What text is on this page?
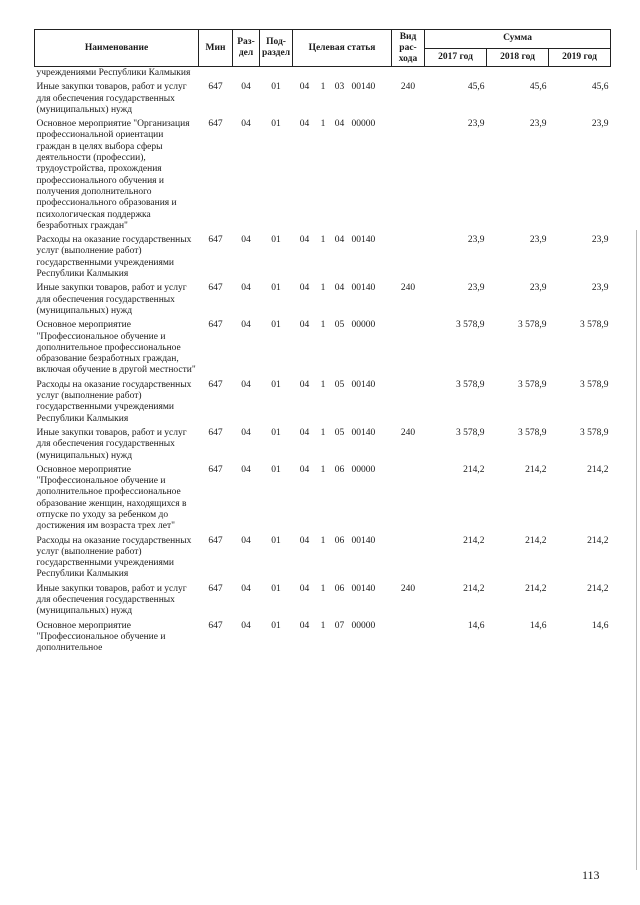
Наименование	Мин	Раз-дел	Под-раздел	Целевая статья				Вид рас-хода	Сумма		
									2017 год	2018 год	2019 год
учреждениями Республики Калмыкия											
Иные закупки товаров, работ и услуг для обеспечения государственных (муниципальных) нужд	647	04	01	04	1	03	00140	240	45,6	45,6	45,6
Основное мероприятие "Организация профессиональной ориентации граждан в целях выбора сферы деятельности (профессии), трудоустройства, прохождения профессионального обучения и получения дополнительного профессионального образования и психологическая поддержка безработных граждан"	647	04	01	04	1	04	00000		23,9	23,9	23,9
Расходы на оказание государственных услуг (выполнение работ) государственными учреждениями Республики Калмыкия	647	04	01	04	1	04	00140		23,9	23,9	23,9
Иные закупки товаров, работ и услуг для обеспечения государственных (муниципальных) нужд	647	04	01	04	1	04	00140	240	23,9	23,9	23,9
Основное мероприятие "Профессиональное обучение и дополнительное профессиональное образование безработных граждан, включая обучение в другой местности"	647	04	01	04	1	05	00000		3 578,9	3 578,9	3 578,9
Расходы на оказание государственных услуг (выполнение работ) государственными учреждениями Республики Калмыкия	647	04	01	04	1	05	00140		3 578,9	3 578,9	3 578,9
Иные закупки товаров, работ и услуг для обеспечения государственных (муниципальных) нужд	647	04	01	04	1	05	00140	240	3 578,9	3 578,9	3 578,9
Основное мероприятие "Профессиональное обучение и дополнительное профессиональное образование женщин, находящихся в отпуске по уходу за ребенком до достижения им возраста трех лет"	647	04	01	04	1	06	00000		214,2	214,2	214,2
Расходы на оказание государственных услуг (выполнение работ) государственными учреждениями Республики Калмыкия	647	04	01	04	1	06	00140		214,2	214,2	214,2
Иные закупки товаров, работ и услуг для обеспечения государственных (муниципальных) нужд	647	04	01	04	1	06	00140	240	214,2	214,2	214,2
Основное мероприятие "Профессиональное обучение и дополнительное	647	04	01	04	1	07	00000		14,6	14,6	14,6
113
